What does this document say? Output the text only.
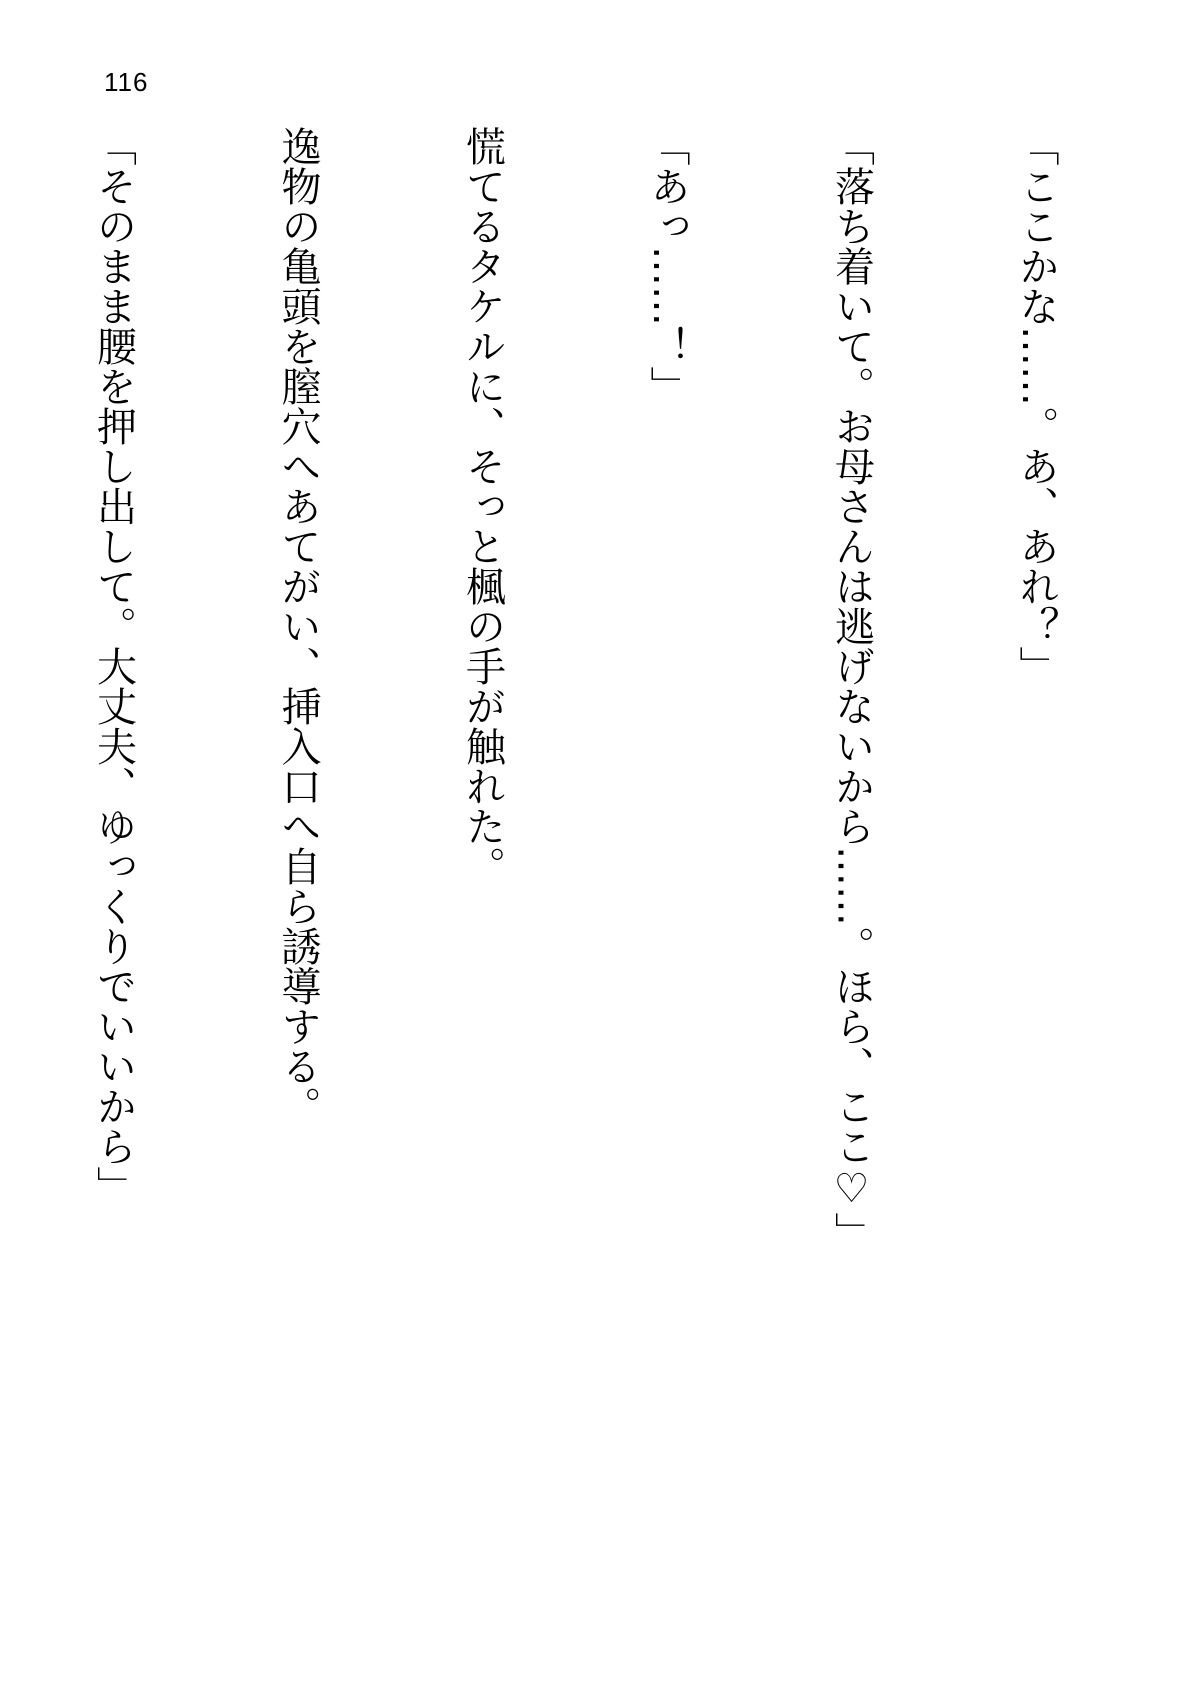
116

「ここかな……。あ、あれ？」

「落ち着いて。お母さんは逃げないから……。ほら、ここ♡」

「あっ……！」

慌てるタケルに、そっと楓の手が触れた。

逸物の亀頭を膣穴へあてがい、挿入口へ自ら誘導する。

「そのまま腰を押し出して。大丈夫、ゆっくりでいいから」
